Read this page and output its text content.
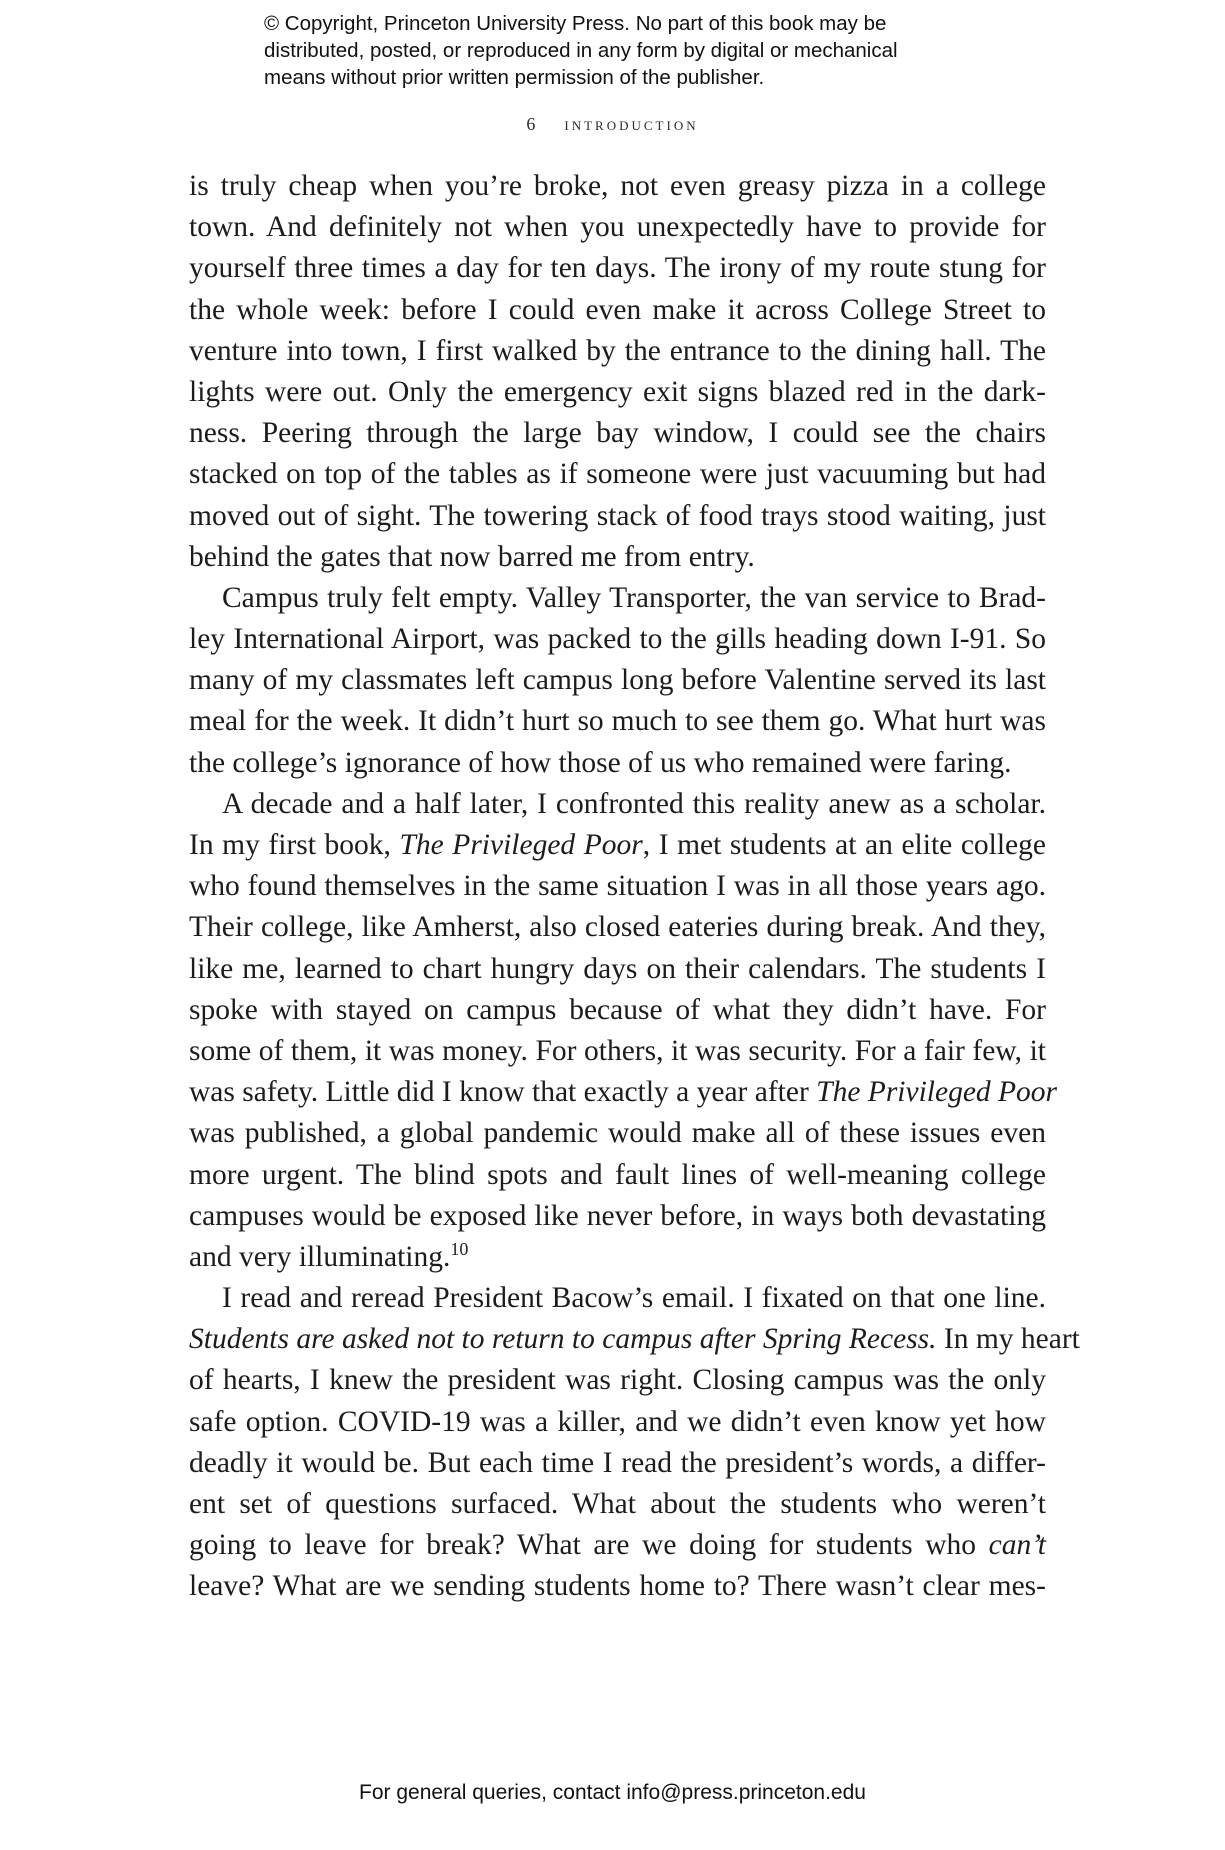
© Copyright, Princeton University Press. No part of this book may be
distributed, posted, or reproduced in any form by digital or mechanical
means without prior written permission of the publisher.
6 introduction
is truly cheap when you’re broke, not even greasy pizza in a college
town. And definitely not when you unexpectedly have to provide for
yourself three times a day for ten days. The irony of my route stung for
the whole week: before I could even make it across College Street to
venture into town, I first walked by the entrance to the dining hall. The
lights were out. Only the emergency exit signs blazed red in the dark-
ness. Peering through the large bay window, I could see the chairs
stacked on top of the tables as if someone were just vacuuming but had
moved out of sight. The towering stack of food trays stood waiting, just
behind the gates that now barred me from entry.
Campus truly felt empty. Valley Transporter, the van service to Brad-
ley International Airport, was packed to the gills heading down I-91. So
many of my classmates left campus long before Valentine served its last
meal for the week. It didn’t hurt so much to see them go. What hurt was
the college’s ignorance of how those of us who remained were faring.
A decade and a half later, I confronted this reality anew as a scholar.
In my first book, The Privileged Poor, I met students at an elite college
who found themselves in the same situation I was in all those years ago.
Their college, like Amherst, also closed eateries during break. And they,
like me, learned to chart hungry days on their calendars. The students I
spoke with stayed on campus because of what they didn’t have. For
some of them, it was money. For others, it was security. For a fair few, it
was safety. Little did I know that exactly a year after The Privileged Poor
was published, a global pandemic would make all of these issues even
more urgent. The blind spots and fault lines of well-meaning college
campuses would be exposed like never before, in ways both devastating
and very illuminating.$^{10}$
I read and reread President Bacow’s email. I fixated on that one line.
Students are asked not to return to campus after Spring Recess. In my heart
of hearts, I knew the president was right. Closing campus was the only
safe option. COVID-19 was a killer, and we didn’t even know yet how
deadly it would be. But each time I read the president’s words, a differ-
ent set of questions surfaced. What about the students who weren’t
going to leave for break? What are we doing for students who can’t
leave? What are we sending students home to? There wasn’t clear mes-
For general queries, contact info@press.princeton.edu
